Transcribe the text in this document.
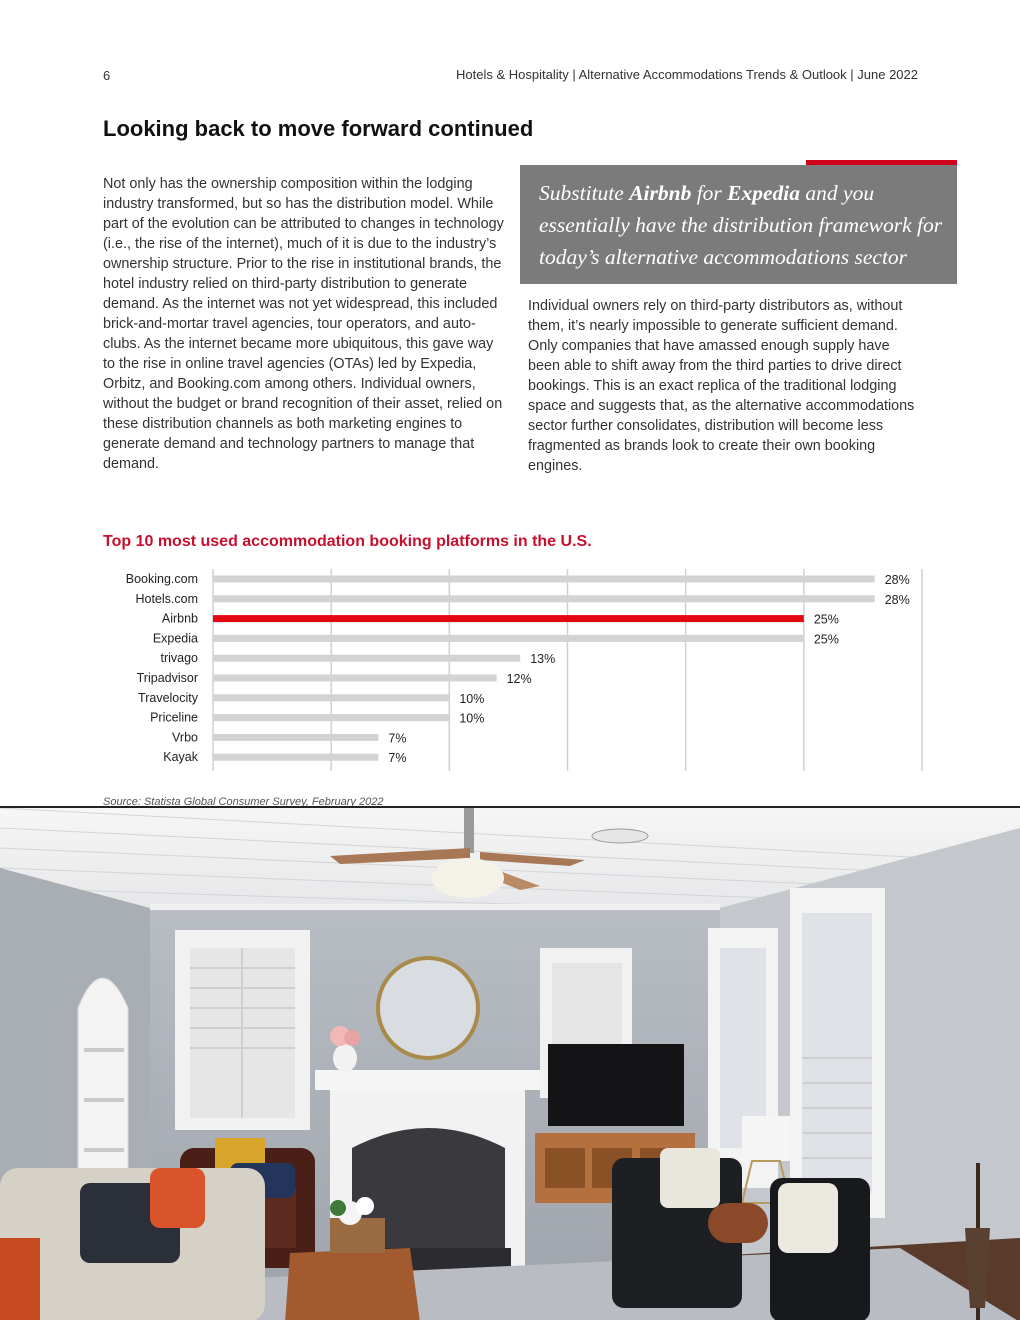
6	Hotels & Hospitality | Alternative Accommodations Trends & Outlook | June 2022
Looking back to move forward continued

Not only has the ownership composition within the lodging industry transformed, but so has the distribution model. While part of the evolution can be attributed to changes in technology (i.e., the rise of the internet), much of it is due to the industry’s ownership structure. Prior to the rise in institutional brands, the hotel industry relied on third-party distribution to generate demand. As the internet was not yet widespread, this included brick-and-mortar travel agencies, tour operators, and auto-clubs. As the internet became more ubiquitous, this gave way to the rise in online travel agencies (OTAs) led by Expedia, Orbitz, and Booking.com among others. Individual owners, without the budget or brand recognition of their asset, relied on these distribution channels as both marketing engines to generate demand and technology partners to manage that demand.

Substitute Airbnb for Expedia and you essentially have the distribution framework for today’s alternative accommodations sector

Individual owners rely on third-party distributors as, without them, it’s nearly impossible to generate sufficient demand. Only companies that have amassed enough supply have been able to shift away from the third parties to drive direct bookings. This is an exact replica of the traditional lodging space and suggests that, as the alternative accommodations sector further consolidates, distribution will become less fragmented as brands look to create their own booking engines.

Top 10 most used accommodation booking platforms in the U.S.
Booking.com	28%
Hotels.com	28%
Airbnb	25%
Expedia	25%
trivago	13%
Tripadvisor	12%
Travelocity	10%
Priceline	10%
Vrbo	7%
Kayak	7%
Source: Statista Global Consumer Survey, February 2022
